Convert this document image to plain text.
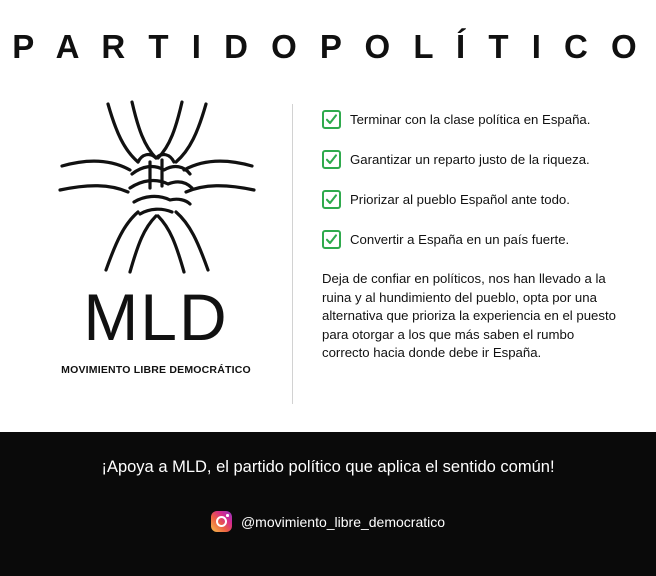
P A R T I D O P O L Í T I C O
MLD
MOVIMIENTO LIBRE DEMOCRÁTICO
Terminar con la clase política en España.
Garantizar un reparto justo de la riqueza.
Priorizar al pueblo Español ante todo.
Convertir a España en un país fuerte.
Deja de confiar en políticos, nos han llevado a la ruina y al hundimiento del pueblo, opta por una alternativa que prioriza la experiencia en el puesto para otorgar a los que más saben el rumbo correcto hacia donde debe ir España.
¡Apoya a MLD, el partido político que aplica el sentido común!
@movimiento_libre_democratico
